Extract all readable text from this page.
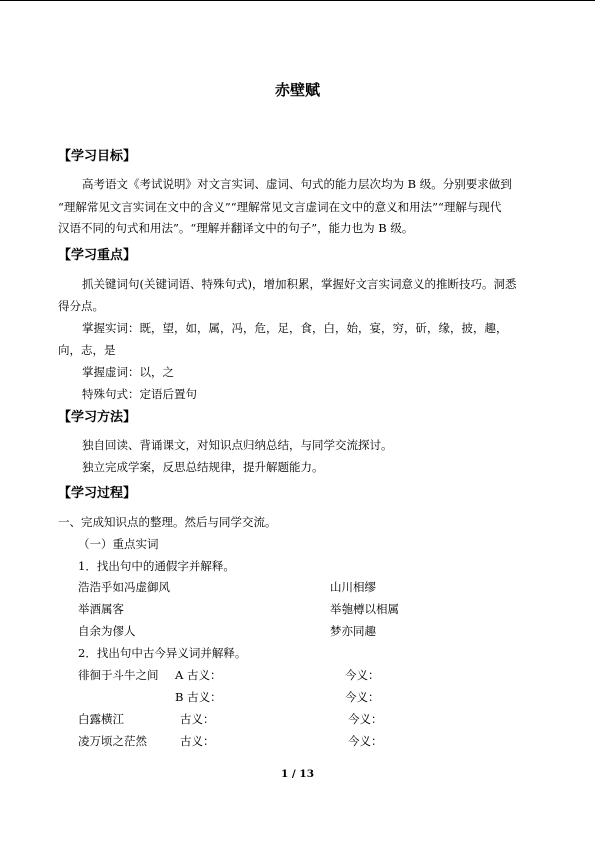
赤壁赋
【学习目标】
高考语文《考试说明》对文言实词、虚词、句式的能力层次均为 B 级。分别要求做到
“理解常见文言实词在文中的含义”“理解常见文言虚词在文中的意义和用法”“理解与现代
汉语不同的句式和用法”。“理解并翻译文中的句子”，能力也为 B 级。
【学习重点】
抓关键词句(关键词语、特殊句式)，增加积累，掌握好文言实词意义的推断技巧。洞悉
得分点。
掌握实词：既，望，如，属，冯，危，足，食，白，始，宴，穷，斫，缘，披，趣，
向，志，是
掌握虚词：以，之
特殊句式：定语后置句
【学习方法】
独自回读、背诵课文，对知识点归纳总结，与同学交流探讨。
独立完成学案，反思总结规律，提升解题能力。
【学习过程】
一、完成知识点的整理。然后与同学交流。
（一）重点实词
1．找出句中的通假字并解释。
浩浩乎如冯虚御风	山川相缪
举酒属客	举匏樽以相属
自余为僇人	梦亦同趣
2．找出句中古今异义词并解释。
徘徊于斗牛之间 A 古义：	今义：
B 古义：	今义：
白露横江	古义：	今义：
凌万顷之茫然	古义：	今义：
1 / 13
